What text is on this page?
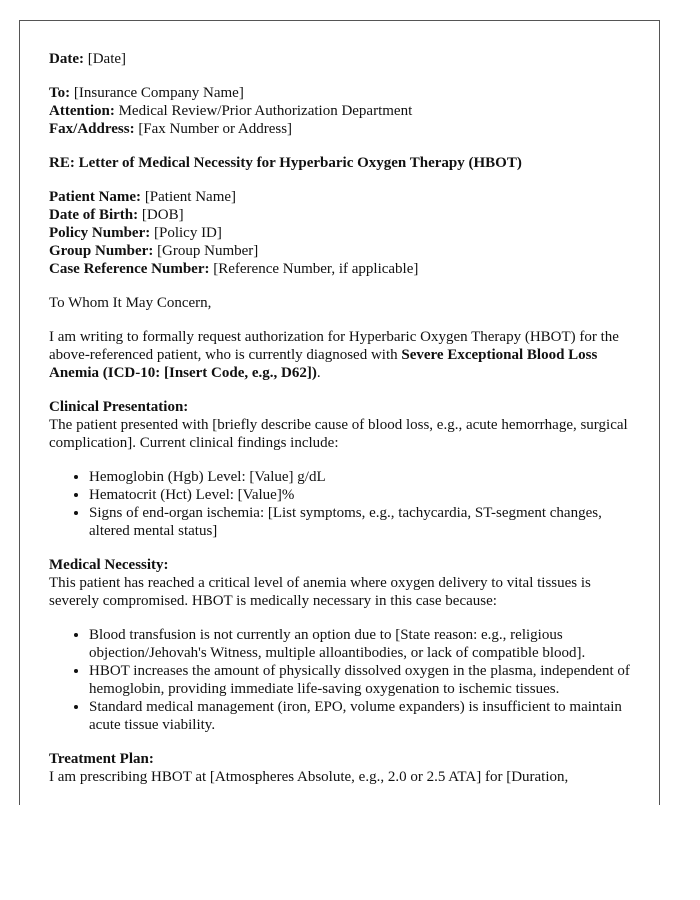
Date: [Date]

To: [Insurance Company Name]
Attention: Medical Review/Prior Authorization Department
Fax/Address: [Fax Number or Address]

RE: Letter of Medical Necessity for Hyperbaric Oxygen Therapy (HBOT)

Patient Name: [Patient Name]
Date of Birth: [DOB]
Policy Number: [Policy ID]
Group Number: [Group Number]
Case Reference Number: [Reference Number, if applicable]

To Whom It May Concern,

I am writing to formally request authorization for Hyperbaric Oxygen Therapy (HBOT) for the above-referenced patient, who is currently diagnosed with Severe Exceptional Blood Loss Anemia (ICD-10: [Insert Code, e.g., D62]).

Clinical Presentation:
The patient presented with [briefly describe cause of blood loss, e.g., acute hemorrhage, surgical complication]. Current clinical findings include:

• Hemoglobin (Hgb) Level: [Value] g/dL
• Hematocrit (Hct) Level: [Value]%
• Signs of end-organ ischemia: [List symptoms, e.g., tachycardia, ST-segment changes, altered mental status]

Medical Necessity:
This patient has reached a critical level of anemia where oxygen delivery to vital tissues is severely compromised. HBOT is medically necessary in this case because:

• Blood transfusion is not currently an option due to [State reason: e.g., religious objection/Jehovah's Witness, multiple alloantibodies, or lack of compatible blood].
• HBOT increases the amount of physically dissolved oxygen in the plasma, independent of hemoglobin, providing immediate life-saving oxygenation to ischemic tissues.
• Standard medical management (iron, EPO, volume expanders) is insufficient to maintain acute tissue viability.

Treatment Plan:
I am prescribing HBOT at [Atmospheres Absolute, e.g., 2.0 or 2.5 ATA] for [Duration,
